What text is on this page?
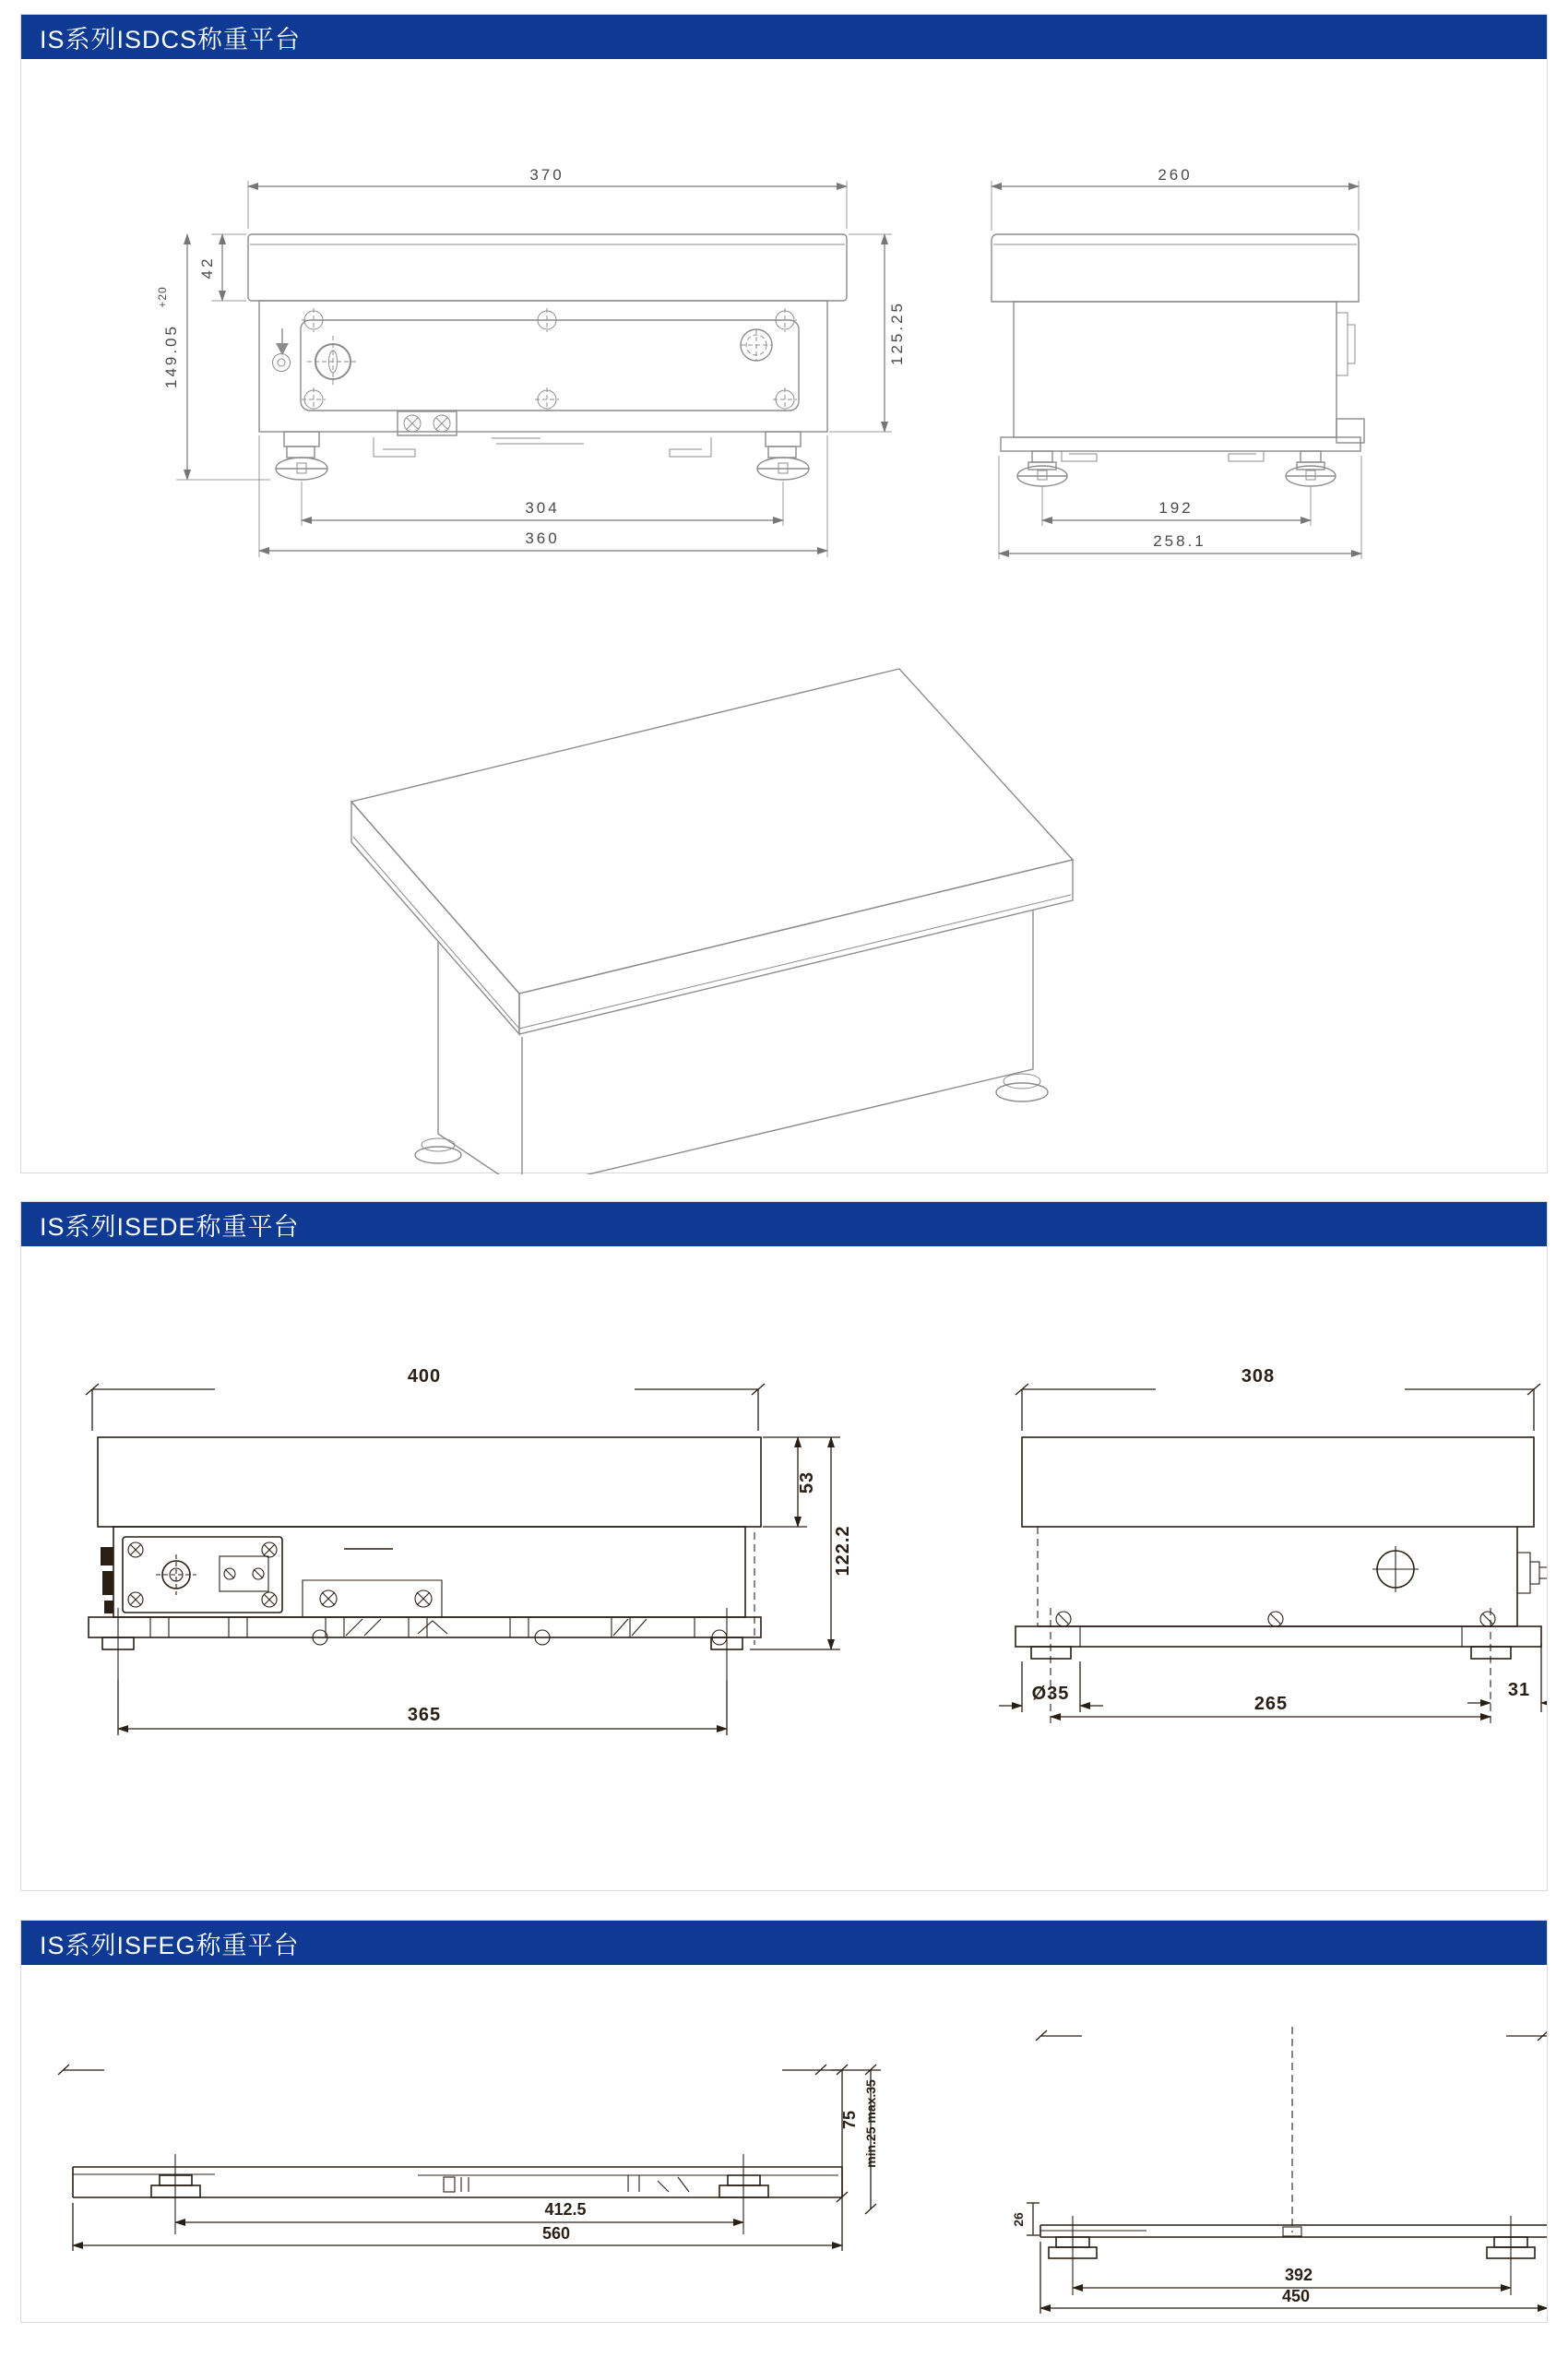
IS系列ISDCS称重平台
370
42
149.05
+20
125.25
304
360
260
192
258.1
IS系列ISEDE称重平台
400
365
53
122.2
308
Ø35	265
31
IS系列ISFEG称重平台
75 min.25 max.35
412.5
560
26
392
450
